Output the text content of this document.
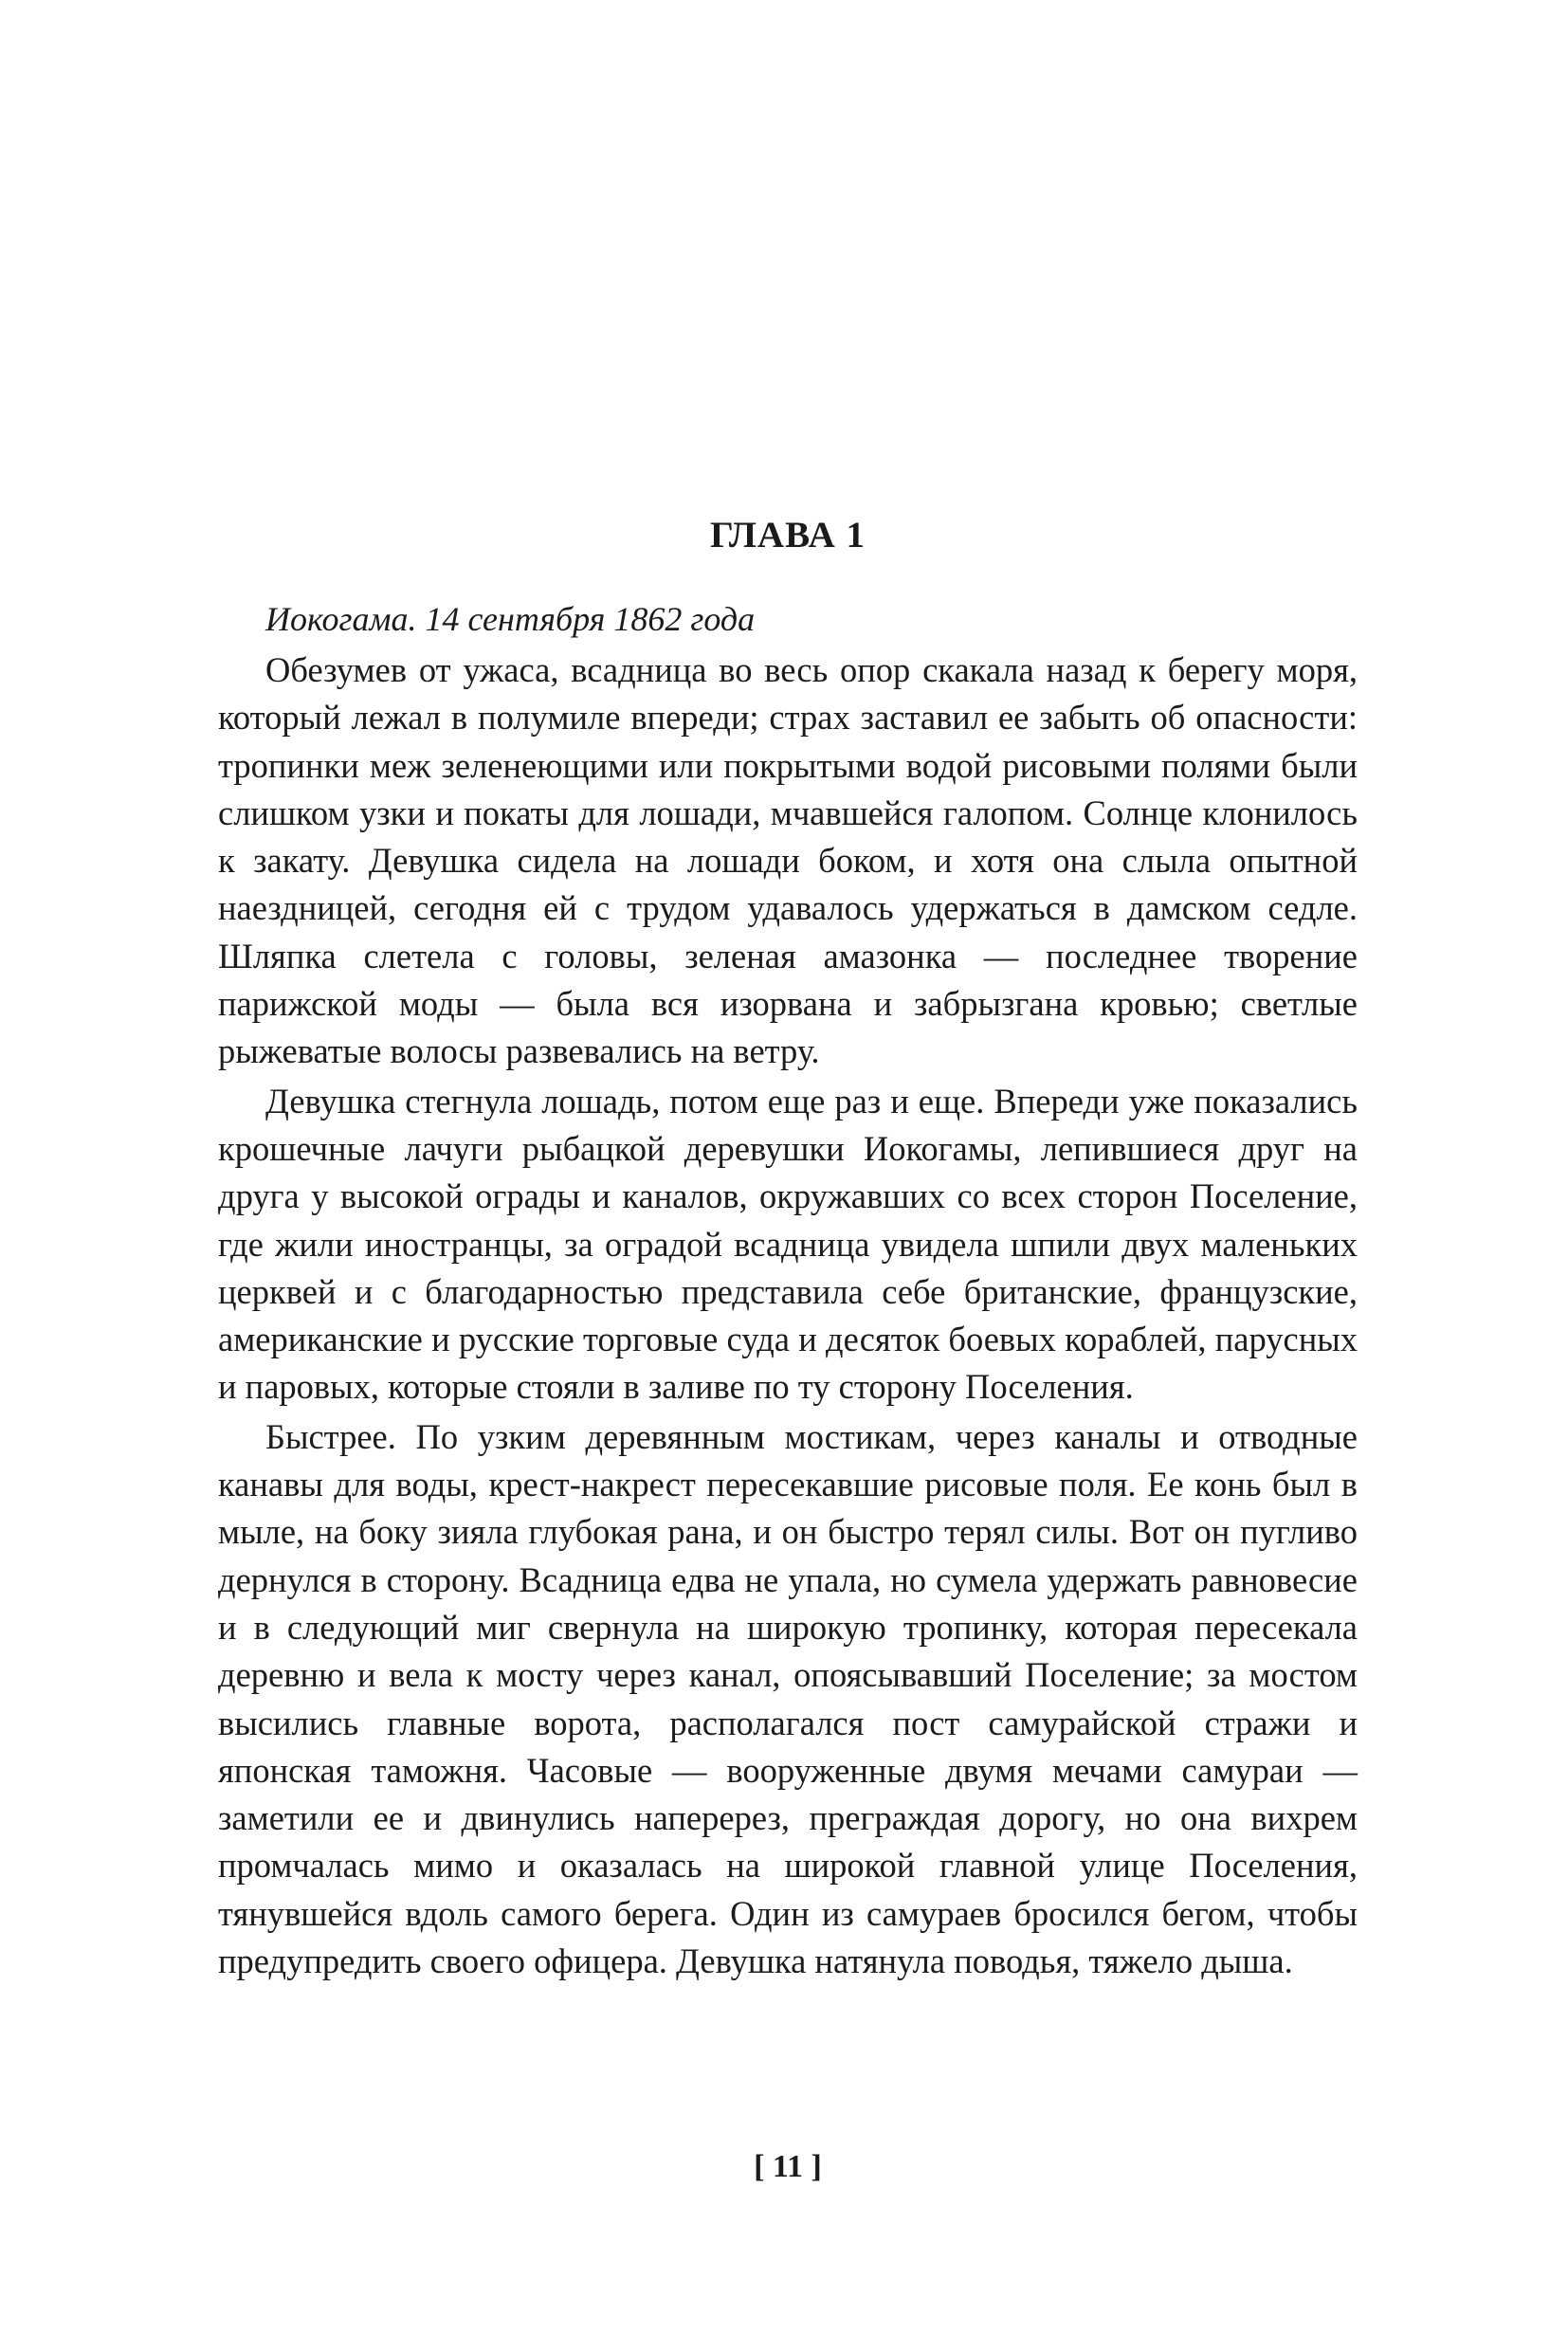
ГЛАВА 1

Иокогама. 14 сентября 1862 года

Обезумев от ужаса, всадница во весь опор скакала назад к берегу моря, который лежал в полумиле впереди; страх заставил ее забыть об опасности: тропинки меж зеленеющими или покрытыми водой рисовыми полями были слишком узки и покаты для лошади, мчавшейся галопом. Солнце клонилось к закату. Девушка сидела на лошади боком, и хотя она слыла опытной наездницей, сегодня ей с трудом удавалось удержаться в дамском седле. Шляпка слетела с головы, зеленая амазонка — последнее творение парижской моды — была вся изорвана и забрызгана кровью; светлые рыжеватые волосы развевались на ветру.

Девушка стегнула лошадь, потом еще раз и еще. Впереди уже показались крошечные лачуги рыбацкой деревушки Иокогамы, лепившиеся друг на друга у высокой ограды и каналов, окружавших со всех сторон Поселение, где жили иностранцы, за оградой всадница увидела шпили двух маленьких церквей и с благодарностью представила себе британские, французские, американские и русские торговые суда и десяток боевых кораблей, парусных и паровых, которые стояли в заливе по ту сторону Поселения.

Быстрее. По узким деревянным мостикам, через каналы и отводные канавы для воды, крест-накрест пересекавшие рисовые поля. Ее конь был в мыле, на боку зияла глубокая рана, и он быстро терял силы. Вот он пугливо дернулся в сторону. Всадница едва не упала, но сумела удержать равновесие и в следующий миг свернула на широкую тропинку, которая пересекала деревню и вела к мосту через канал, опоясывавший Поселение; за мостом высились главные ворота, располагался пост самурайской стражи и японская таможня. Часовые — вооруженные двумя мечами самураи — заметили ее и двинулись наперерез, преграждая дорогу, но она вихрем промчалась мимо и оказалась на широкой главной улице Поселения, тянувшейся вдоль самого берега. Один из самураев бросился бегом, чтобы предупредить своего офицера. Девушка натянула поводья, тяжело дыша.

[ 11 ]
